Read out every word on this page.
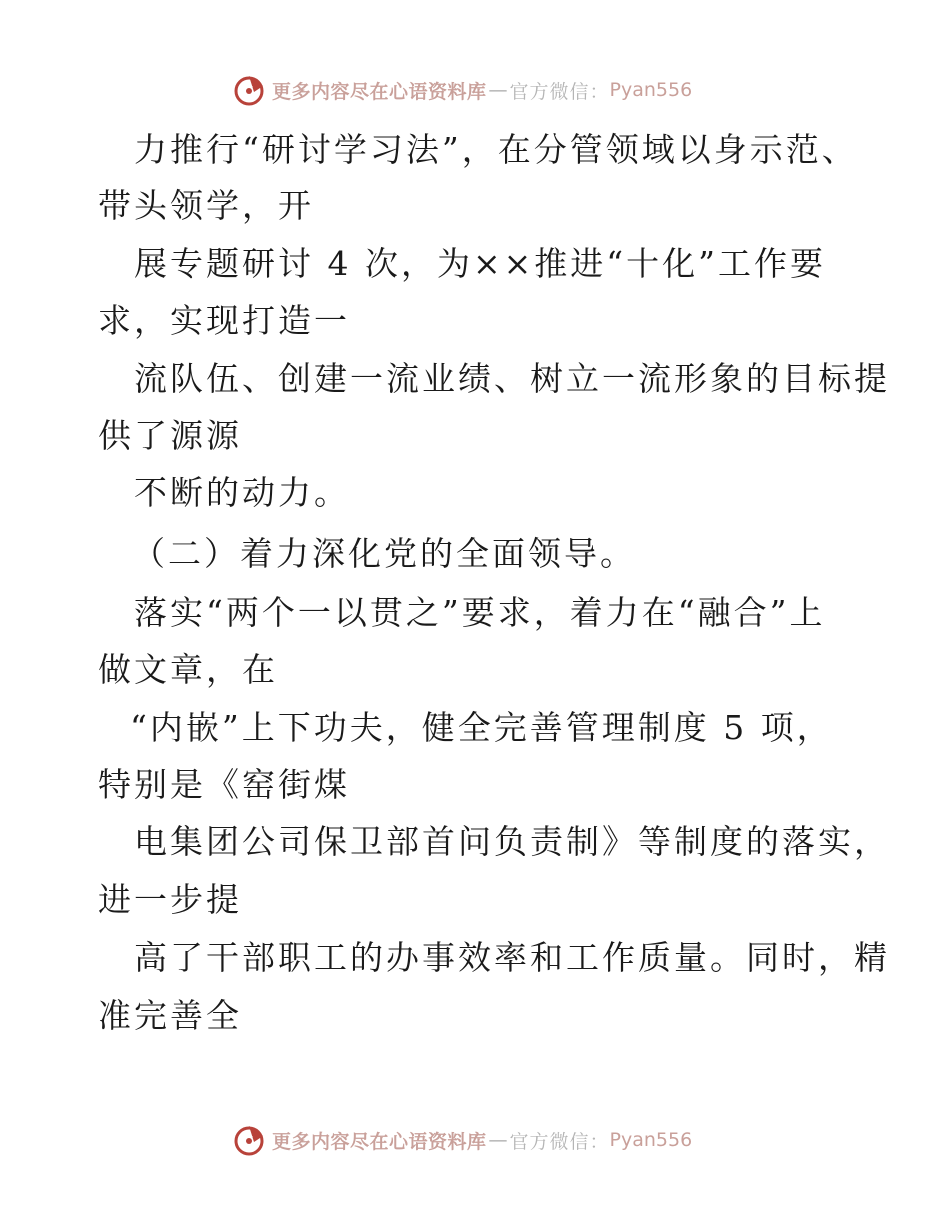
更多内容尽在心语资料库 — 官方微信： Pyan556
力推行“研讨学习法”，在分管领域以身示范、
带头领学，开
展专题研讨 4 次，为××推进“十化”工作要
求，实现打造一
流队伍、创建一流业绩、树立一流形象的目标提
供了源源
不断的动力。
（二）着力深化党的全面领导。
落实“两个一以贯之”要求，着力在“融合”上
做文章，在
“内嵌”上下功夫，健全完善管理制度 5 项，
特别是《窑街煤
电集团公司保卫部首问负责制》等制度的落实，
进一步提
高了干部职工的办事效率和工作质量。同时，精
准完善全
更多内容尽在心语资料库 — 官方微信： Pyan556
